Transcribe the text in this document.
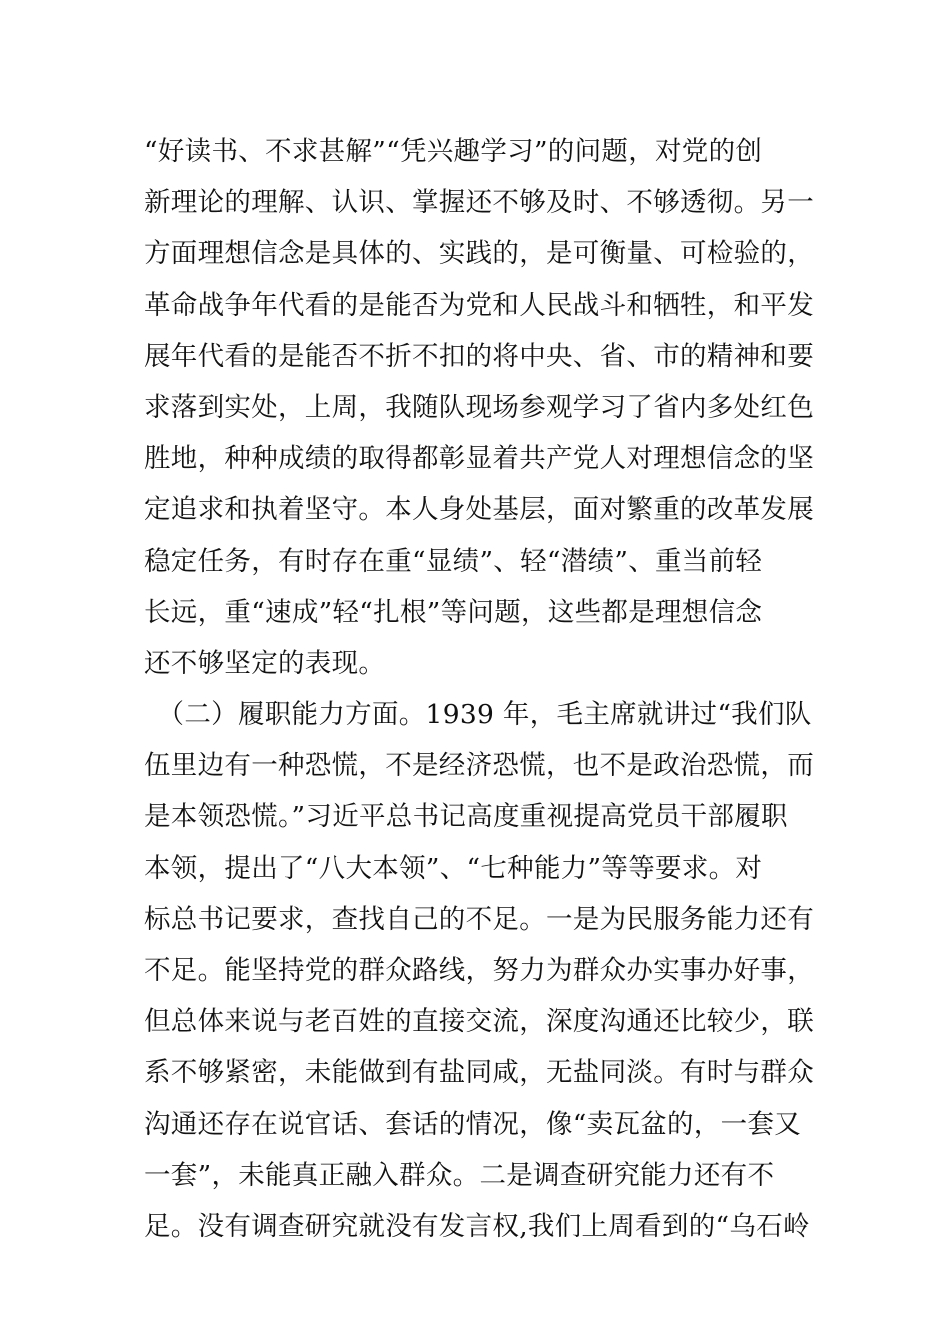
“好读书、不求甚解”“凭兴趣学习”的问题，对党的创
新理论的理解、认识、掌握还不够及时、不够透彻。另一
方面理想信念是具体的、实践的，是可衡量、可检验的，
革命战争年代看的是能否为党和人民战斗和牺牲，和平发
展年代看的是能否不折不扣的将中央、省、市的精神和要
求落到实处，上周，我随队现场参观学习了省内多处红色
胜地，种种成绩的取得都彰显着共产党人对理想信念的坚
定追求和执着坚守。本人身处基层，面对繁重的改革发展
稳定任务，有时存在重“显绩”、轻“潜绩”、重当前轻
长远，重“速成”轻“扎根”等问题，这些都是理想信念
还不够坚定的表现。
　（二）履职能力方面。1939 年，毛主席就讲过“我们队
伍里边有一种恐慌，不是经济恐慌，也不是政治恐慌，而
是本领恐慌。”习近平总书记高度重视提高党员干部履职
本领，提出了“八大本领”、“七种能力”等等要求。对
标总书记要求，查找自己的不足。一是为民服务能力还有
不足。能坚持党的群众路线，努力为群众办实事办好事，
但总体来说与老百姓的直接交流，深度沟通还比较少，联
系不够紧密，未能做到有盐同咸，无盐同淡。有时与群众
沟通还存在说官话、套话的情况，像“卖瓦盆的，一套又
一套”，未能真正融入群众。二是调查研究能力还有不
足。没有调查研究就没有发言权,我们上周看到的“乌石岭
